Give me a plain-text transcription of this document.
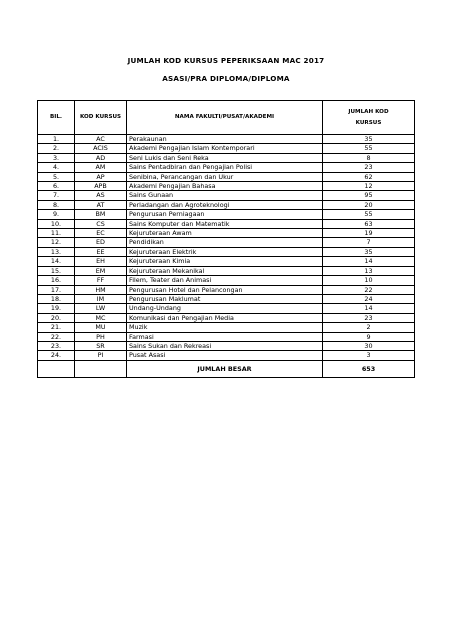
JUMLAH KOD KURSUS PEPERIKSAAN MAC 2017
ASASI/PRA DIPLOMA/DIPLOMA
BIL.	KOD KURSUS	NAMA FAKULTI/PUSAT/AKADEMI	JUMLAH KOD
KURSUS
1.	AC	Perakaunan	35
2.	ACIS	Akademi Pengajian Islam Kontemporari	55
3.	AD	Seni Lukis dan Seni Reka	8
4.	AM	Sains Pentadbiran dan Pengajian Polisi	23
5.	AP	Senibina, Perancangan dan Ukur	62
6.	APB	Akademi Pengajian Bahasa	12
7.	AS	Sains Gunaan	95
8.	AT	Perladangan dan Agroteknologi	20
9.	BM	Pengurusan Perniagaan	55
10.	CS	Sains Komputer dan Matematik	63
11.	EC	Kejuruteraan Awam	19
12.	ED	Pendidikan	7
13.	EE	Kejuruteraan Elektrik	35
14.	EH	Kejuruteraan Kimia	14
15.	EM	Kejuruteraan Mekanikal	13
16.	FF	Filem, Teater dan Animasi	10
17.	HM	Pengurusan Hotel dan Pelancongan	22
18.	IM	Pengurusan Maklumat	24
19.	LW	Undang-Undang	14
20.	MC	Komunikasi dan Pengajian Media	23
21.	MU	Muzik	2
22.	PH	Farmasi	9
23.	SR	Sains Sukan dan Rekreasi	30
24.	PI	Pusat Asasi	3
		JUMLAH BESAR	653
